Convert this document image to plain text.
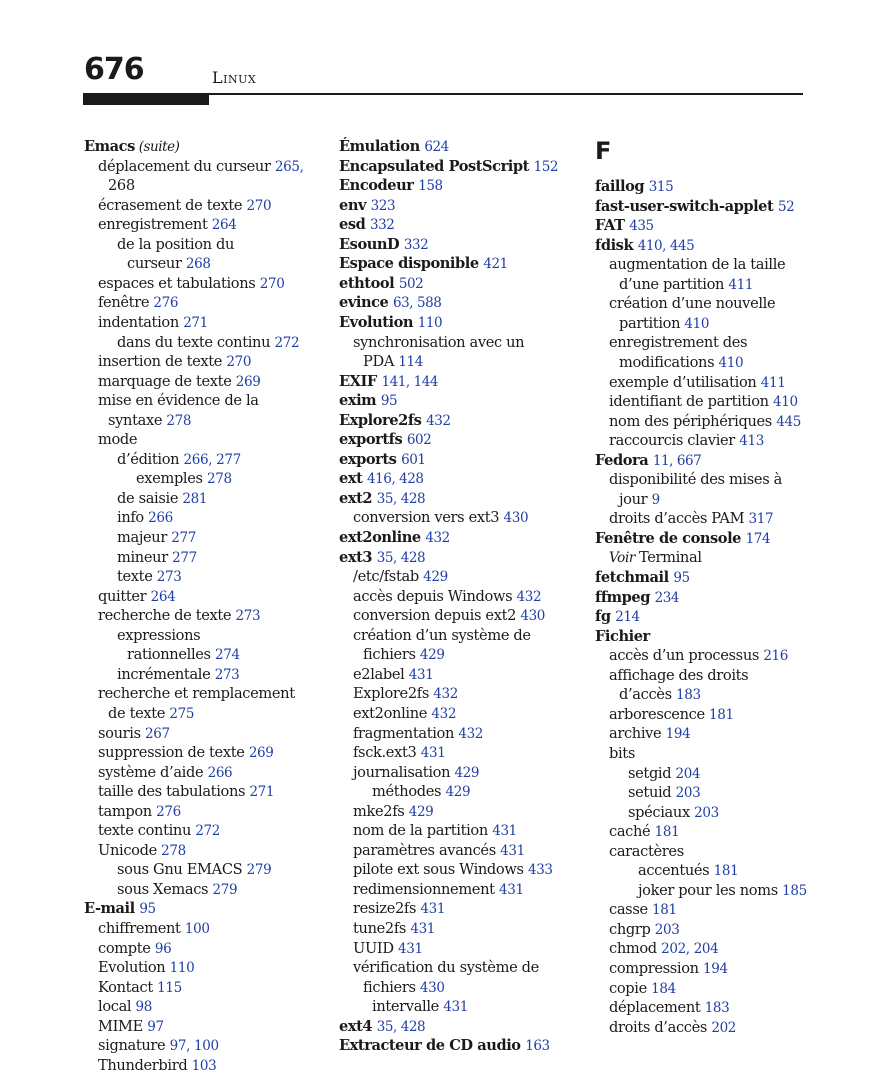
676	Linux
Emacs (suite)
déplacement du curseur 265,
268
écrasement de texte 270
enregistrement 264
de la position du
curseur 268
espaces et tabulations 270
fenêtre 276
indentation 271
dans du texte continu 272
insertion de texte 270
marquage de texte 269
mise en évidence de la
syntaxe 278
mode
d’édition 266, 277
exemples 278
de saisie 281
info 266
majeur 277
mineur 277
texte 273
quitter 264
recherche de texte 273
expressions
rationnelles 274
incrémentale 273
recherche et remplacement
de texte 275
souris 267
suppression de texte 269
système d’aide 266
taille des tabulations 271
tampon 276
texte continu 272
Unicode 278
sous Gnu EMACS 279
sous Xemacs 279
E-mail 95
chiffrement 100
compte 96
Evolution 110
Kontact 115
local 98
MIME 97
signature 97, 100
Thunderbird 103
Émulation 624
Encapsulated PostScript 152
Encodeur 158
env 323
esd 332
EsounD 332
Espace disponible 421
ethtool 502
evince 63, 588
Evolution 110
synchronisation avec un
PDA 114
EXIF 141, 144
exim 95
Explore2fs 432
exportfs 602
exports 601
ext 416, 428
ext2 35, 428
conversion vers ext3 430
ext2online 432
ext3 35, 428
/etc/fstab 429
accès depuis Windows 432
conversion depuis ext2 430
création d’un système de
fichiers 429
e2label 431
Explore2fs 432
ext2online 432
fragmentation 432
fsck.ext3 431
journalisation 429
méthodes 429
mke2fs 429
nom de la partition 431
paramètres avancés 431
pilote ext sous Windows 433
redimensionnement 431
resize2fs 431
tune2fs 431
UUID 431
vérification du système de
fichiers 430
intervalle 431
ext4 35, 428
Extracteur de CD audio 163
F
faillog 315
fast-user-switch-applet 52
FAT 435
fdisk 410, 445
augmentation de la taille
d’une partition 411
création d’une nouvelle
partition 410
enregistrement des
modifications 410
exemple d’utilisation 411
identifiant de partition 410
nom des périphériques 445
raccourcis clavier 413
Fedora 11, 667
disponibilité des mises à
jour 9
droits d’accès PAM 317
Fenêtre de console 174
Voir Terminal
fetchmail 95
ffmpeg 234
fg 214
Fichier
accès d’un processus 216
affichage des droits
d’accès 183
arborescence 181
archive 194
bits
setgid 204
setuid 203
spéciaux 203
caché 181
caractères
accentués 181
joker pour les noms 185
casse 181
chgrp 203
chmod 202, 204
compression 194
copie 184
déplacement 183
droits d’accès 202
